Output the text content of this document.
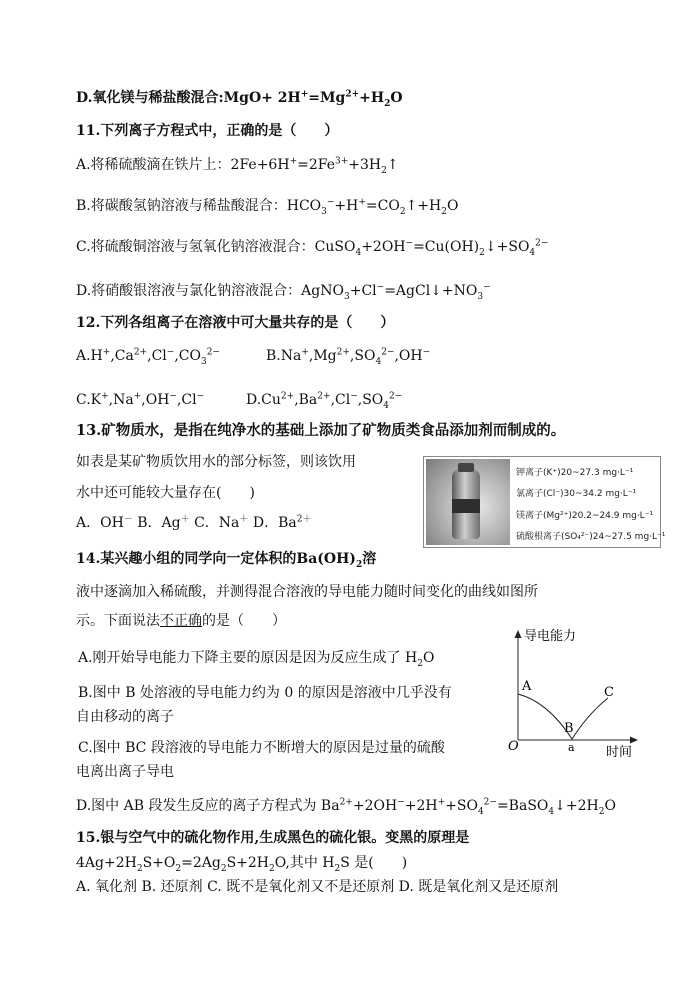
D.氧化镁与稀盐酸混合:MgO+ $2H^+=Mg^{2+}+H_2O$
11.下列离子方程式中，正确的是（　　）
A.将稀硫酸滴在铁片上：$2Fe+6H^+=2Fe^{3+}+3H_2↑$
B.将碳酸氢钠溶液与稀盐酸混合：$HCO_3^-+H^+=CO_2↑+H_2O$
C.将硫酸铜溶液与氢氧化钠溶液混合：$CuSO_4+2OH^-=Cu(OH)_2↓+SO_4^{2-}$
D.将硝酸银溶液与氯化钠溶液混合：$AgNO_3+Cl^-=AgCl↓+NO_3^-$
12.下列各组离子在溶液中可大量共存的是（　　）
$A.H^+,Ca^{2+},Cl^-,CO_3^{2-}$	$B.Na^+,Mg^{2+},SO_4^{2-},OH^-$
C.K+,Na+,OH−,Cl−	$D.Cu^{2+},Ba^{2+},Cl^-,SO_4^{2-}$
13.矿物质水，是指在纯净水的基础上添加了矿物质类食品添加剂而制成的。
如表是某矿物质饮用水的部分标签，则该饮用
水中还可能较大量存在(　　)
A．OH－ B．Ag＋ C．Na＋ D．$Ba^{2+}$
钾离子(K⁺)20~27.3 mg·L⁻¹
氯离子(Cl⁻)30~34.2 mg·L⁻¹
镁离子(Mg²⁺)20.2~24.9 mg·L⁻¹
硫酸根离子(SO₄²⁻)24~27.5 mg·L⁻¹
14.某兴趣小组的同学向一定体积的$Ba(OH)_2$溶
液中逐滴加入稀硫酸，并测得混合溶液的导电能力随时间变化的曲线如图所
示。下面说法不正确的是（　　）
A.刚开始导电能力下降主要的原因是因为反应生成了 $H_2O$
B.图中 B 处溶液的导电能力约为 0 的原因是溶液中几乎没有
自由移动的离子
C.图中 BC 段溶液的导电能力不断增大的原因是过量的硫酸
电离出离子导电
D.图中 AB 段发生反应的离子方程式为 $Ba^{2+}+2OH^-+2H^++SO_4^{2-}=BaSO_4↓+2H_2O$
导电能力
时间
O
A
B
C
a
15.银与空气中的硫化物作用,生成黑色的硫化银。变黑的原理是
$4Ag+2H_2S+O_2=2Ag_2S+2H_2O$,其中 $H_2S$ 是(　　)
A. 氧化剂 B. 还原剂 C. 既不是氧化剂又不是还原剂 D. 既是氧化剂又是还原剂
